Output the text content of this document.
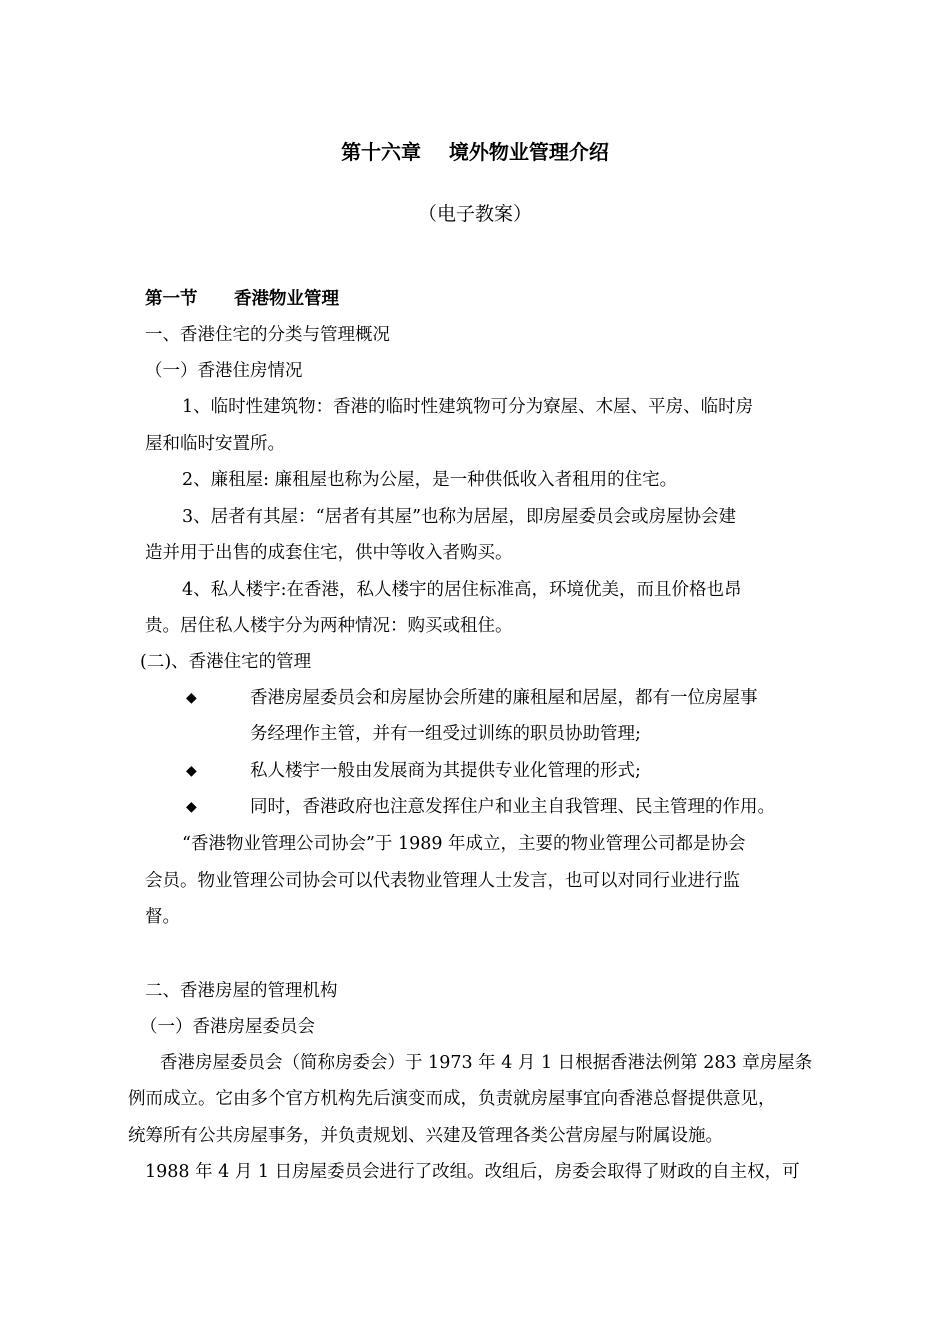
第十六章    境外物业管理介绍

（电子教案）

第一节      香港物业管理

一、香港住宅的分类与管理概况

（一）香港住房情况

1、临时性建筑物：香港的临时性建筑物可分为寮屋、木屋、平房、临时房

屋和临时安置所。

2、廉租屋: 廉租屋也称为公屋，是一种供低收入者租用的住宅。

3、居者有其屋：“居者有其屋”也称为居屋，即房屋委员会或房屋协会建

造并用于出售的成套住宅，供中等收入者购买。

4、私人楼宇:在香港，私人楼宇的居住标准高，环境优美，而且价格也昂

贵。居住私人楼宇分为两种情况：购买或租住。

(二)、香港住宅的管理

◆	香港房屋委员会和房屋协会所建的廉租屋和居屋，都有一位房屋事

务经理作主管，并有一组受过训练的职员协助管理;

◆	私人楼宇一般由发展商为其提供专业化管理的形式;

◆	同时，香港政府也注意发挥住户和业主自我管理、民主管理的作用。

“香港物业管理公司协会”于 1989 年成立，主要的物业管理公司都是协会

会员。物业管理公司协会可以代表物业管理人士发言，也可以对同行业进行监

督。

二、香港房屋的管理机构

（一）香港房屋委员会

香港房屋委员会（简称房委会）于 1973 年 4 月 1 日根据香港法例第 283 章房屋条

例而成立。它由多个官方机构先后演变而成，负责就房屋事宜向香港总督提供意见，

统筹所有公共房屋事务，并负责规划、兴建及管理各类公营房屋与附属设施。

1988 年 4 月 1 日房屋委员会进行了改组。改组后，房委会取得了财政的自主权，可
